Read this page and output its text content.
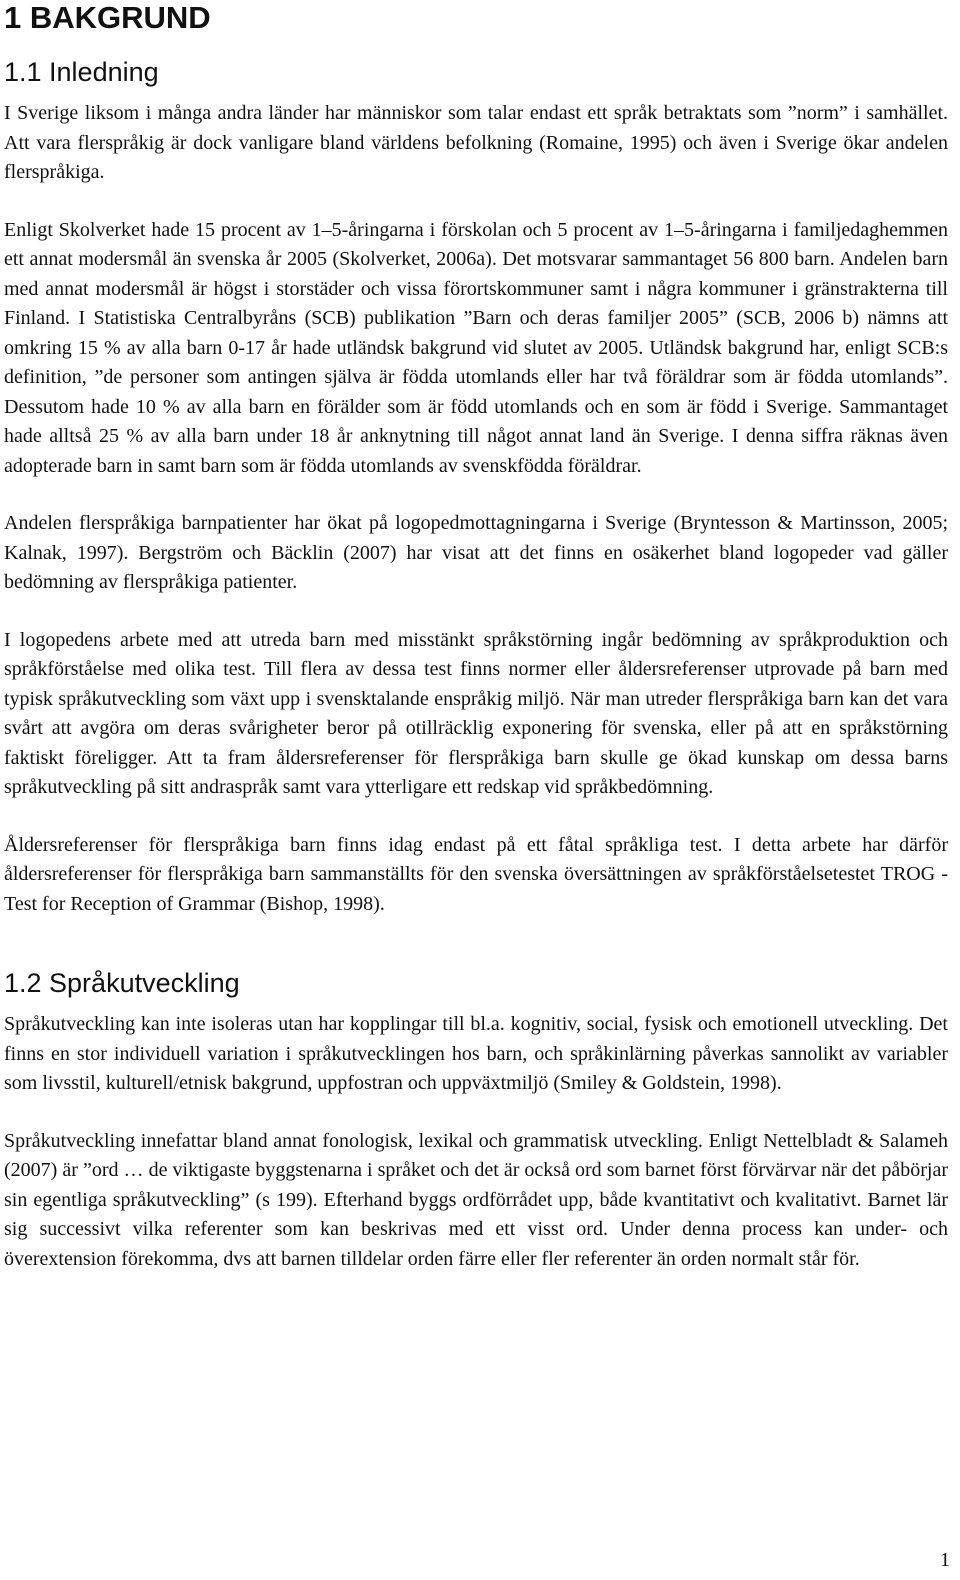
1 BAKGRUND
1.1 Inledning

I Sverige liksom i många andra länder har människor som talar endast ett språk betraktats som ”norm” i samhället. Att vara flerspråkig är dock vanligare bland världens befolkning (Romaine, 1995) och även i Sverige ökar andelen flerspråkiga.

Enligt Skolverket hade 15 procent av 1–5-åringarna i förskolan och 5 procent av 1–5-åringarna i familjedaghemmen ett annat modersmål än svenska år 2005 (Skolverket, 2006a). Det motsvarar sammantaget 56 800 barn. Andelen barn med annat modersmål är högst i storstäder och vissa förortskommuner samt i några kommuner i gränstrakterna till Finland. I Statistiska Centralbyråns (SCB) publikation ”Barn och deras familjer 2005” (SCB, 2006 b) nämns att omkring 15 % av alla barn 0-17 år hade utländsk bakgrund vid slutet av 2005. Utländsk bakgrund har, enligt SCB:s definition, ”de personer som antingen själva är födda utomlands eller har två föräldrar som är födda utomlands”. Dessutom hade 10 % av alla barn en förälder som är född utomlands och en som är född i Sverige. Sammantaget hade alltså 25 % av alla barn under 18 år anknytning till något annat land än Sverige. I denna siffra räknas även adopterade barn in samt barn som är födda utomlands av svenskfödda föräldrar.

Andelen flerspråkiga barnpatienter har ökat på logopedmottagningarna i Sverige (Bryntesson & Martinsson, 2005; Kalnak, 1997). Bergström och Bäcklin (2007) har visat att det finns en osäkerhet bland logopeder vad gäller bedömning av flerspråkiga patienter.

I logopedens arbete med att utreda barn med misstänkt språkstörning ingår bedömning av språkproduktion och språkförståelse med olika test. Till flera av dessa test finns normer eller åldersreferenser utprovade på barn med typisk språkutveckling som växt upp i svensktalande enspråkig miljö. När man utreder flerspråkiga barn kan det vara svårt att avgöra om deras svårigheter beror på otillräcklig exponering för svenska, eller på att en språkstörning faktiskt föreligger. Att ta fram åldersreferenser för flerspråkiga barn skulle ge ökad kunskap om dessa barns språkutveckling på sitt andraspråk samt vara ytterligare ett redskap vid språkbedömning.

Åldersreferenser för flerspråkiga barn finns idag endast på ett fåtal språkliga test. I detta arbete har därför åldersreferenser för flerspråkiga barn sammanställts för den svenska översättningen av språkförståelsetestet TROG - Test for Reception of Grammar (Bishop, 1998).

1.2 Språkutveckling

Språkutveckling kan inte isoleras utan har kopplingar till bl.a. kognitiv, social, fysisk och emotionell utveckling. Det finns en stor individuell variation i språkutvecklingen hos barn, och språkinlärning påverkas sannolikt av variabler som livsstil, kulturell/etnisk bakgrund, uppfostran och uppväxtmiljö (Smiley & Goldstein, 1998).

Språkutveckling innefattar bland annat fonologisk, lexikal och grammatisk utveckling. Enligt Nettelbladt & Salameh (2007) är ”ord … de viktigaste byggstenarna i språket och det är också ord som barnet först förvärvar när det påbörjar sin egentliga språkutveckling” (s 199). Efterhand byggs ordförrådet upp, både kvantitativt och kvalitativt. Barnet lär sig successivt vilka referenter som kan beskrivas med ett visst ord. Under denna process kan under- och överextension förekomma, dvs att barnen tilldelar orden färre eller fler referenter än orden normalt står för.

1
